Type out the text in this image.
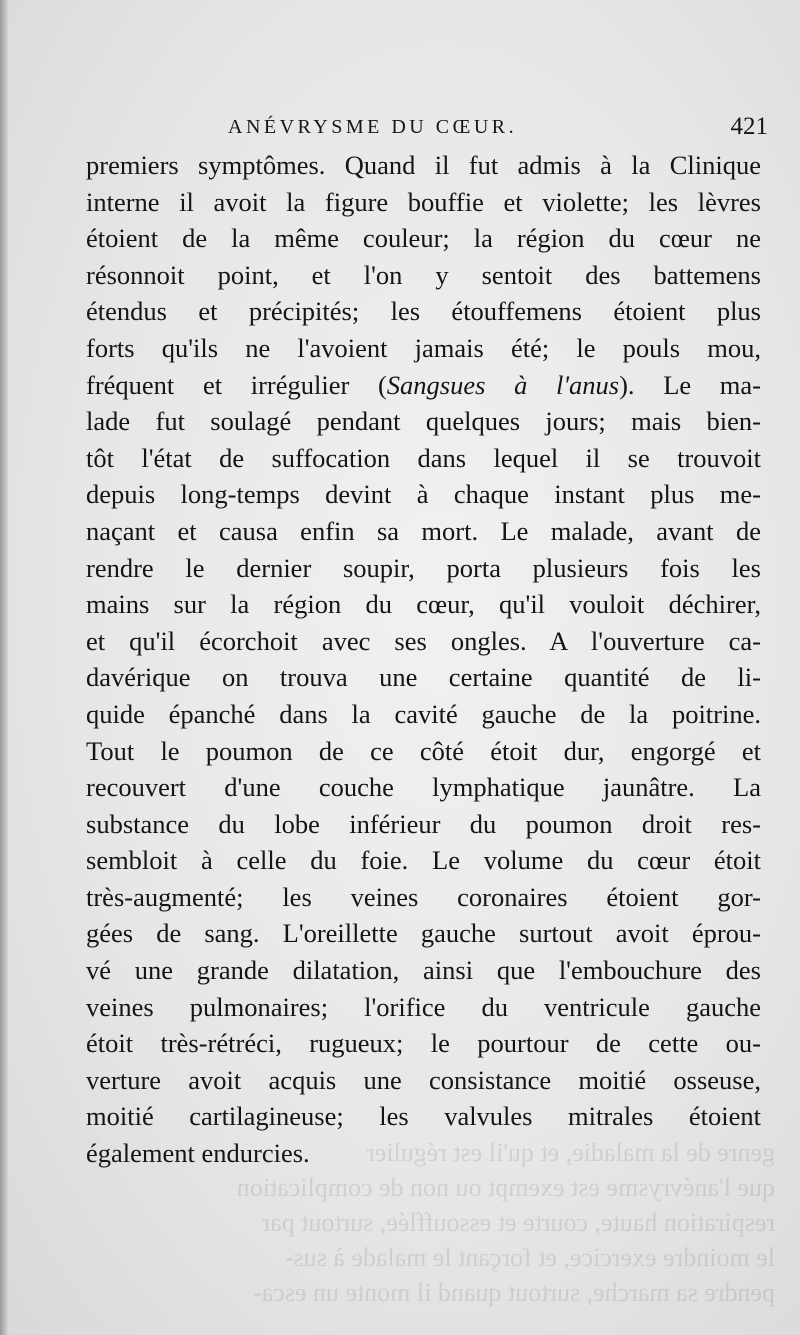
genre de la maladie, et qu'il est régulier
que l'anévrysme est exempt ou non de complication
respiration haute, courte et essoufflée, surtout par
le moindre exercice, et forçant le malade à sus-
pendre sa marche, surtout quand il monte un esca-
ANÉVRYSME DU CŒUR.	421
premiers symptômes. Quand il fut admis à la Clinique
interne il avoit la figure bouffie et violette; les lèvres
étoient de la même couleur; la région du cœur ne
résonnoit point, et l'on y sentoit des battemens
étendus et précipités; les étouffemens étoient plus
forts qu'ils ne l'avoient jamais été; le pouls mou,
fréquent et irrégulier (Sangsues à l'anus). Le ma-
lade fut soulagé pendant quelques jours; mais bien-
tôt l'état de suffocation dans lequel il se trouvoit
depuis long-temps devint à chaque instant plus me-
naçant et causa enfin sa mort. Le malade, avant de
rendre le dernier soupir, porta plusieurs fois les
mains sur la région du cœur, qu'il vouloit déchirer,
et qu'il écorchoit avec ses ongles. A l'ouverture ca-
davérique on trouva une certaine quantité de li-
quide épanché dans la cavité gauche de la poitrine.
Tout le poumon de ce côté étoit dur, engorgé et
recouvert d'une couche lymphatique jaunâtre. La
substance du lobe inférieur du poumon droit res-
sembloit à celle du foie. Le volume du cœur étoit
très-augmenté; les veines coronaires étoient gor-
gées de sang. L'oreillette gauche surtout avoit éprou-
vé une grande dilatation, ainsi que l'embouchure des
veines pulmonaires; l'orifice du ventricule gauche
étoit très-rétréci, rugueux; le pourtour de cette ou-
verture avoit acquis une consistance moitié osseuse,
moitié cartilagineuse; les valvules mitrales étoient
également endurcies.
